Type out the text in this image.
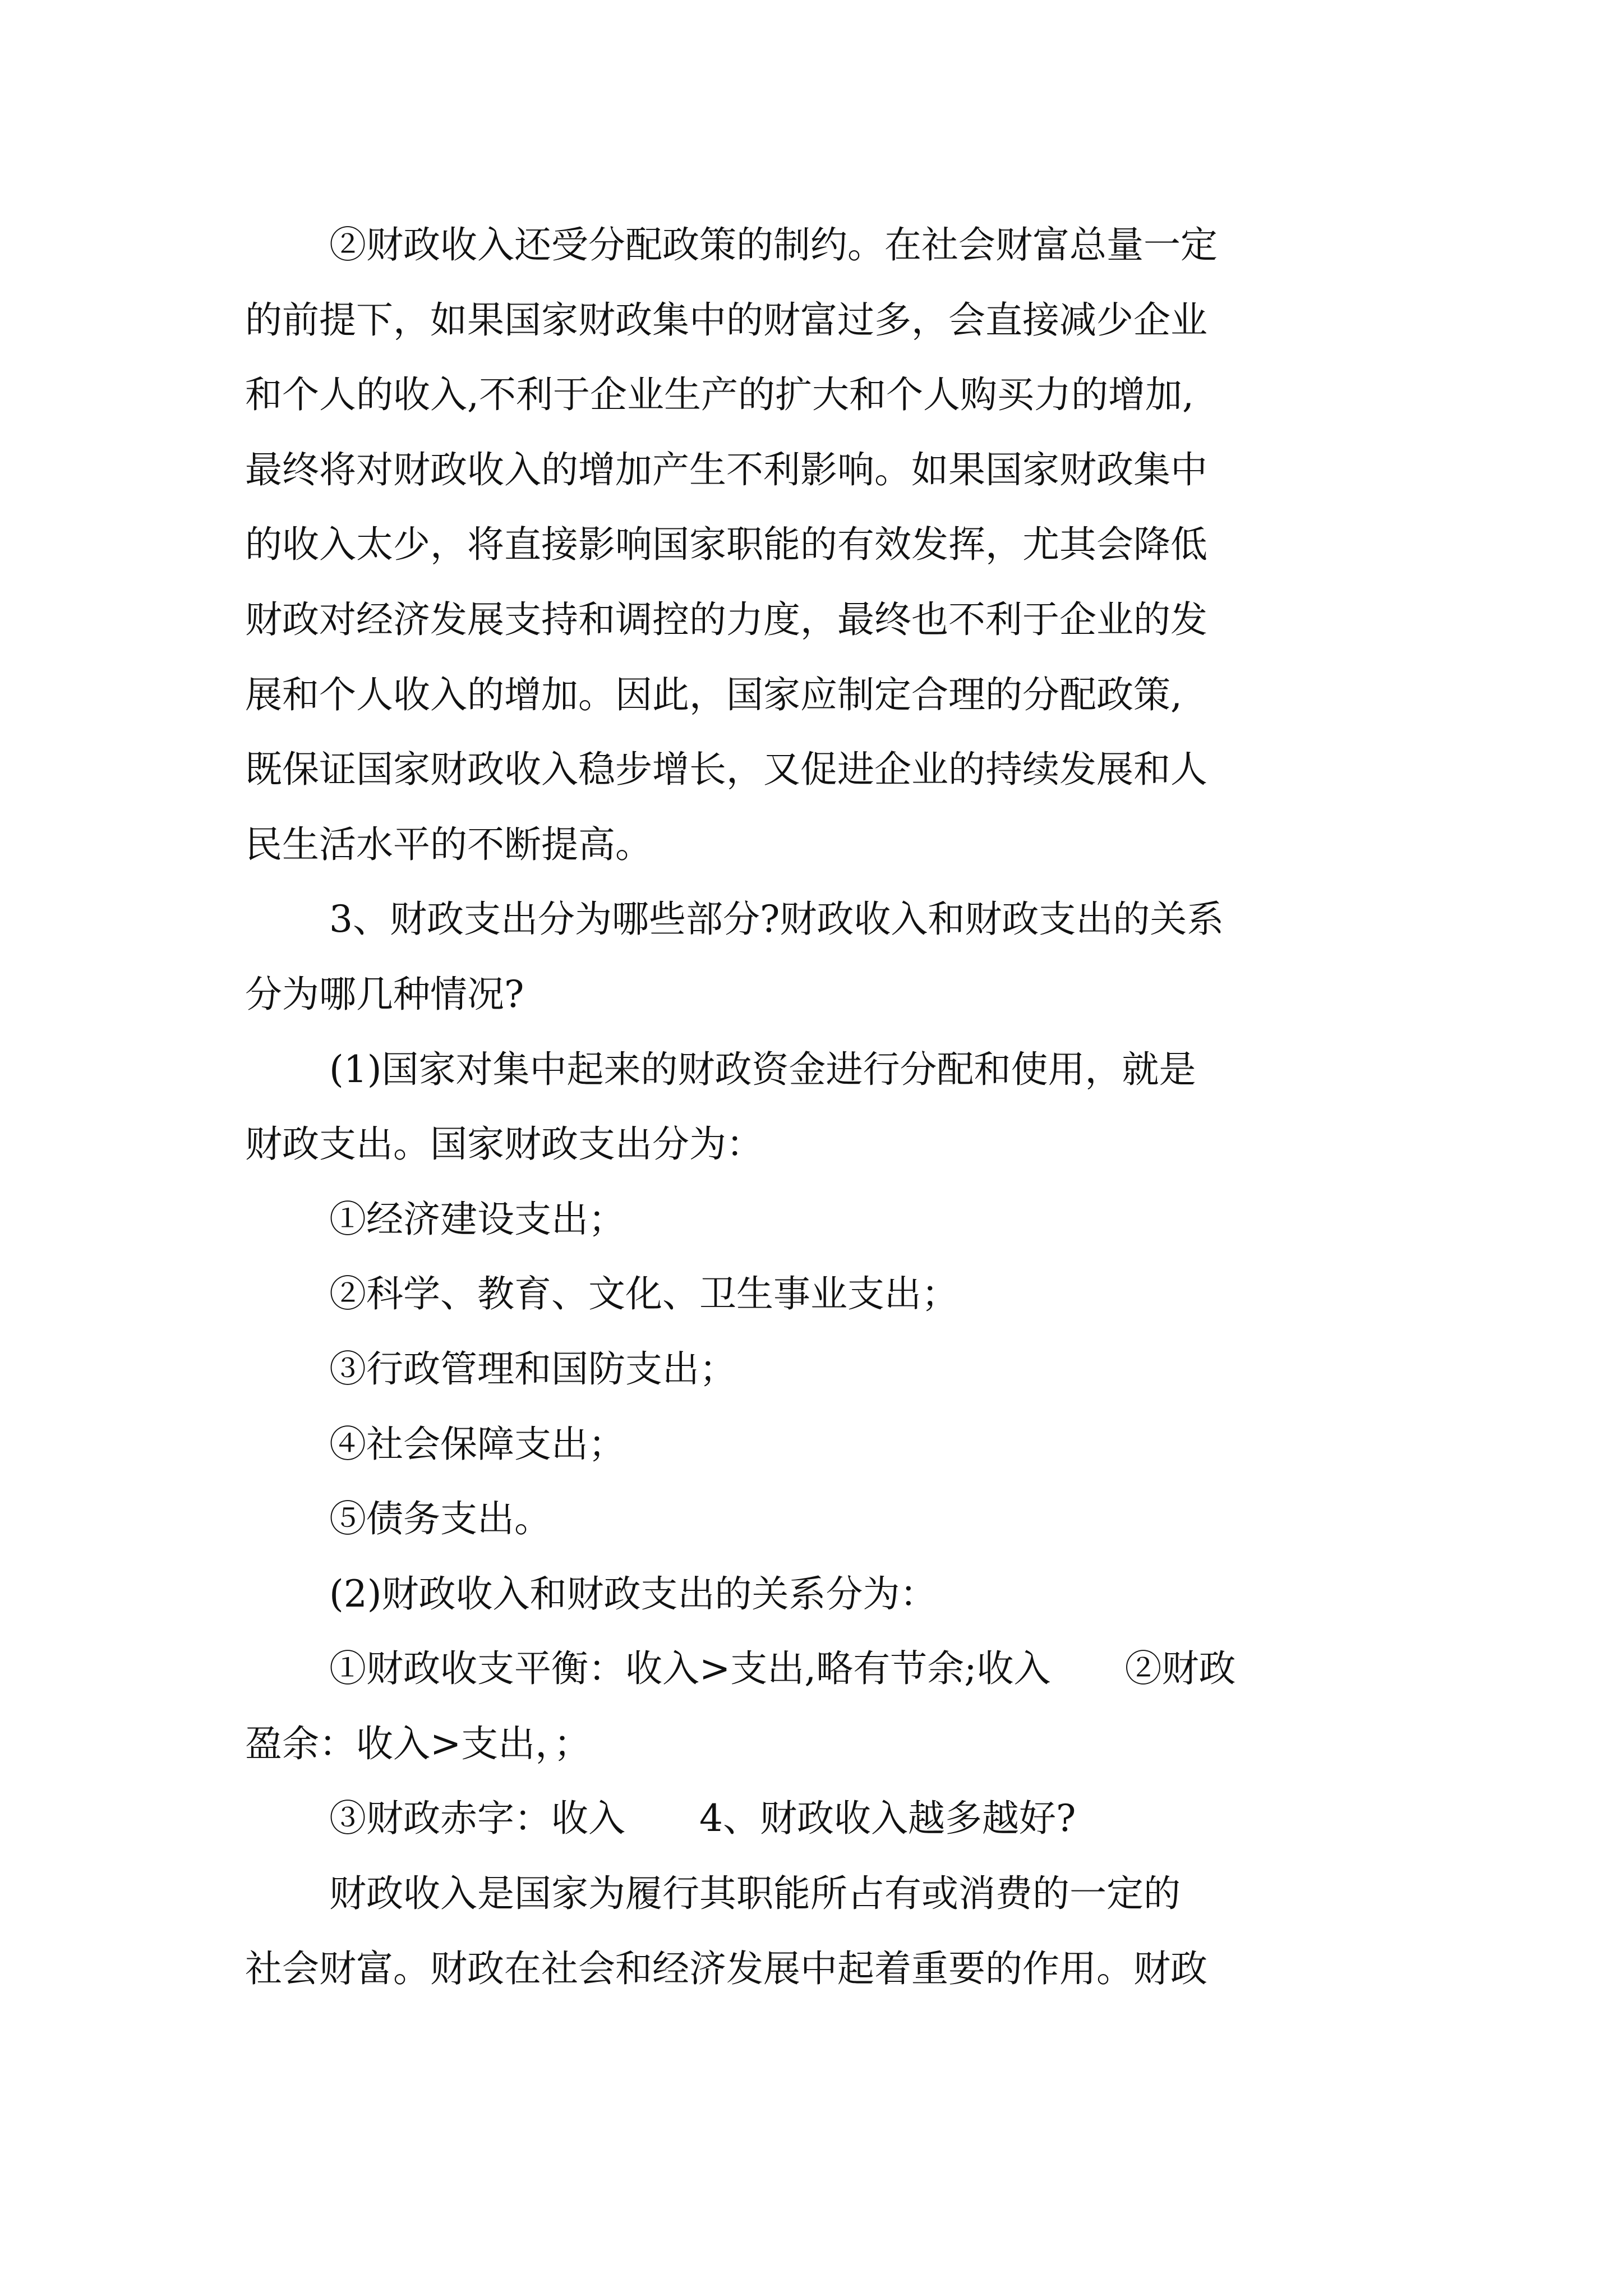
②财政收入还受分配政策的制约。在社会财富总量一定
的前提下，如果国家财政集中的财富过多，会直接减少企业
和个人的收入,不利于企业生产的扩大和个人购买力的增加,
最终将对财政收入的增加产生不利影响。如果国家财政集中
的收入太少，将直接影响国家职能的有效发挥，尤其会降低
财政对经济发展支持和调控的力度，最终也不利于企业的发
展和个人收入的增加。因此，国家应制定合理的分配政策,
既保证国家财政收入稳步增长，又促进企业的持续发展和人
民生活水平的不断提高。
3、财政支出分为哪些部分?财政收入和财政支出的关系
分为哪几种情况?
(1)国家对集中起来的财政资金进行分配和使用，就是
财政支出。国家财政支出分为：
①经济建设支出；
②科学、教育、文化、卫生事业支出；
③行政管理和国防支出；
④社会保障支出；
⑤债务支出。
(2)财政收入和财政支出的关系分为：
①财政收支平衡：收入>支出,略有节余;收入　　②财政
盈余：收入>支出，；
③财政赤字：收入　　4、财政收入越多越好?
财政收入是国家为履行其职能所占有或消费的一定的
社会财富。财政在社会和经济发展中起着重要的作用。财政
